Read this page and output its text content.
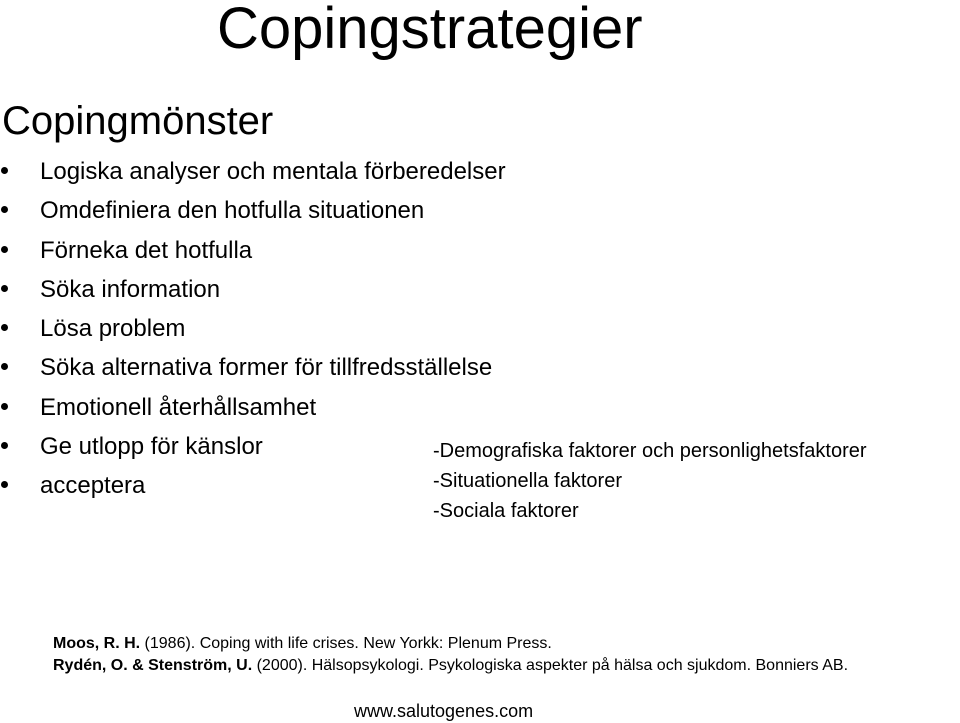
Copingstrategier
Copingmönster
Logiska analyser och mentala förberedelser
Omdefiniera den hotfulla situationen
Förneka det hotfulla
Söka information
Lösa problem
Söka alternativa former för tillfredsställelse
Emotionell återhållsamhet
Ge utlopp för känslor
acceptera
-Demografiska faktorer och personlighetsfaktorer
-Situationella faktorer
-Sociala faktorer
Moos, R. H. (1986). Coping with life crises. New Yorkk: Plenum Press.
Rydén, O. & Stenström, U. (2000). Hälsopsykologi. Psykologiska aspekter på hälsa och sjukdom. Bonniers AB.
www.salutogenes.com
